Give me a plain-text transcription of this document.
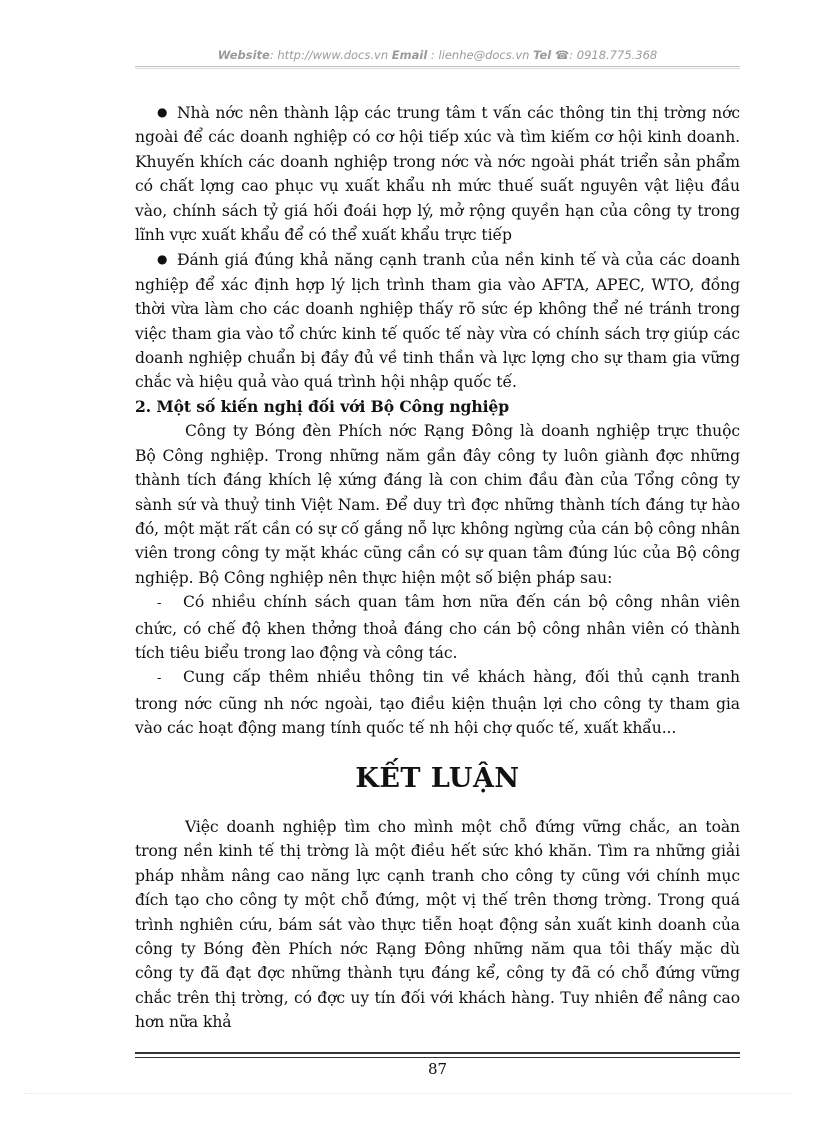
Website: http://www.docs.vn Email : lienhe@docs.vn Tel ☎: 0918.775.368

● Nhà nớc nên thành lập các trung tâm t vấn các thông tin thị trờng nớc ngoài để các doanh nghiệp có cơ hội tiếp xúc và tìm kiếm cơ hội kinh doanh. Khuyến khích các doanh nghiệp trong nớc và nớc ngoài phát triển sản phẩm có chất lợng cao phục vụ xuất khẩu nh mức thuế suất nguyên vật liệu đầu vào, chính sách tỷ giá hối đoái hợp lý, mở rộng quyền hạn của công ty trong lĩnh vực xuất khẩu để có thể xuất khẩu trực tiếp

● Đánh giá đúng khả năng cạnh tranh của nền kinh tế và của các doanh nghiệp để xác định hợp lý lịch trình tham gia vào AFTA, APEC, WTO, đồng thời vừa làm cho các doanh nghiệp thấy rõ sức ép không thể né tránh trong việc tham gia vào tổ chức kinh tế quốc tế này vừa có chính sách trợ giúp các doanh nghiệp chuẩn bị đầy đủ về tinh thần và lực lợng cho sự tham gia vững chắc và hiệu quả vào quá trình hội nhập quốc tế.

2. Một số kiến nghị đối với Bộ Công nghiệp

Công ty Bóng đèn Phích nớc Rạng Đông là doanh nghiệp trực thuộc Bộ Công nghiệp. Trong những năm gần đây công ty luôn giành đợc những thành tích đáng khích lệ xứng đáng là con chim đầu đàn của Tổng công ty sành sứ và thuỷ tinh Việt Nam. Để duy trì đợc những thành tích đáng tự hào đó, một mặt rất cần có sự cố gắng nỗ lực không ngừng của cán bộ công nhân viên trong công ty mặt khác cũng cần có sự quan tâm đúng lúc của Bộ công nghiệp. Bộ Công nghiệp nên thực hiện một số biện pháp sau:

- Có nhiều chính sách quan tâm hơn nữa đến cán bộ công nhân viên chức, có chế độ khen thởng thoả đáng cho cán bộ công nhân viên có thành tích tiêu biểu trong lao động và công tác.

- Cung cấp thêm nhiều thông tin về khách hàng, đối thủ cạnh tranh trong nớc cũng nh nớc ngoài, tạo điều kiện thuận lợi cho công ty tham gia vào các hoạt động mang tính quốc tế nh hội chợ quốc tế, xuất khẩu...

KẾT LUẬN

Việc doanh nghiệp tìm cho mình một chỗ đứng vững chắc, an toàn trong nền kinh tế thị trờng là một điều hết sức khó khăn. Tìm ra những giải pháp nhằm nâng cao năng lực cạnh tranh cho công ty cũng với chính mục đích tạo cho công ty một chỗ đứng, một vị thế trên thơng trờng. Trong quá trình nghiên cứu, bám sát vào thực tiễn hoạt động sản xuất kinh doanh của công ty Bóng đèn Phích nớc Rạng Đông những năm qua tôi thấy mặc dù công ty đã đạt đợc những thành tựu đáng kể, công ty đã có chỗ đứng vững chắc trên thị trờng, có đợc uy tín đối với khách hàng. Tuy nhiên để nâng cao hơn nữa khả

87
